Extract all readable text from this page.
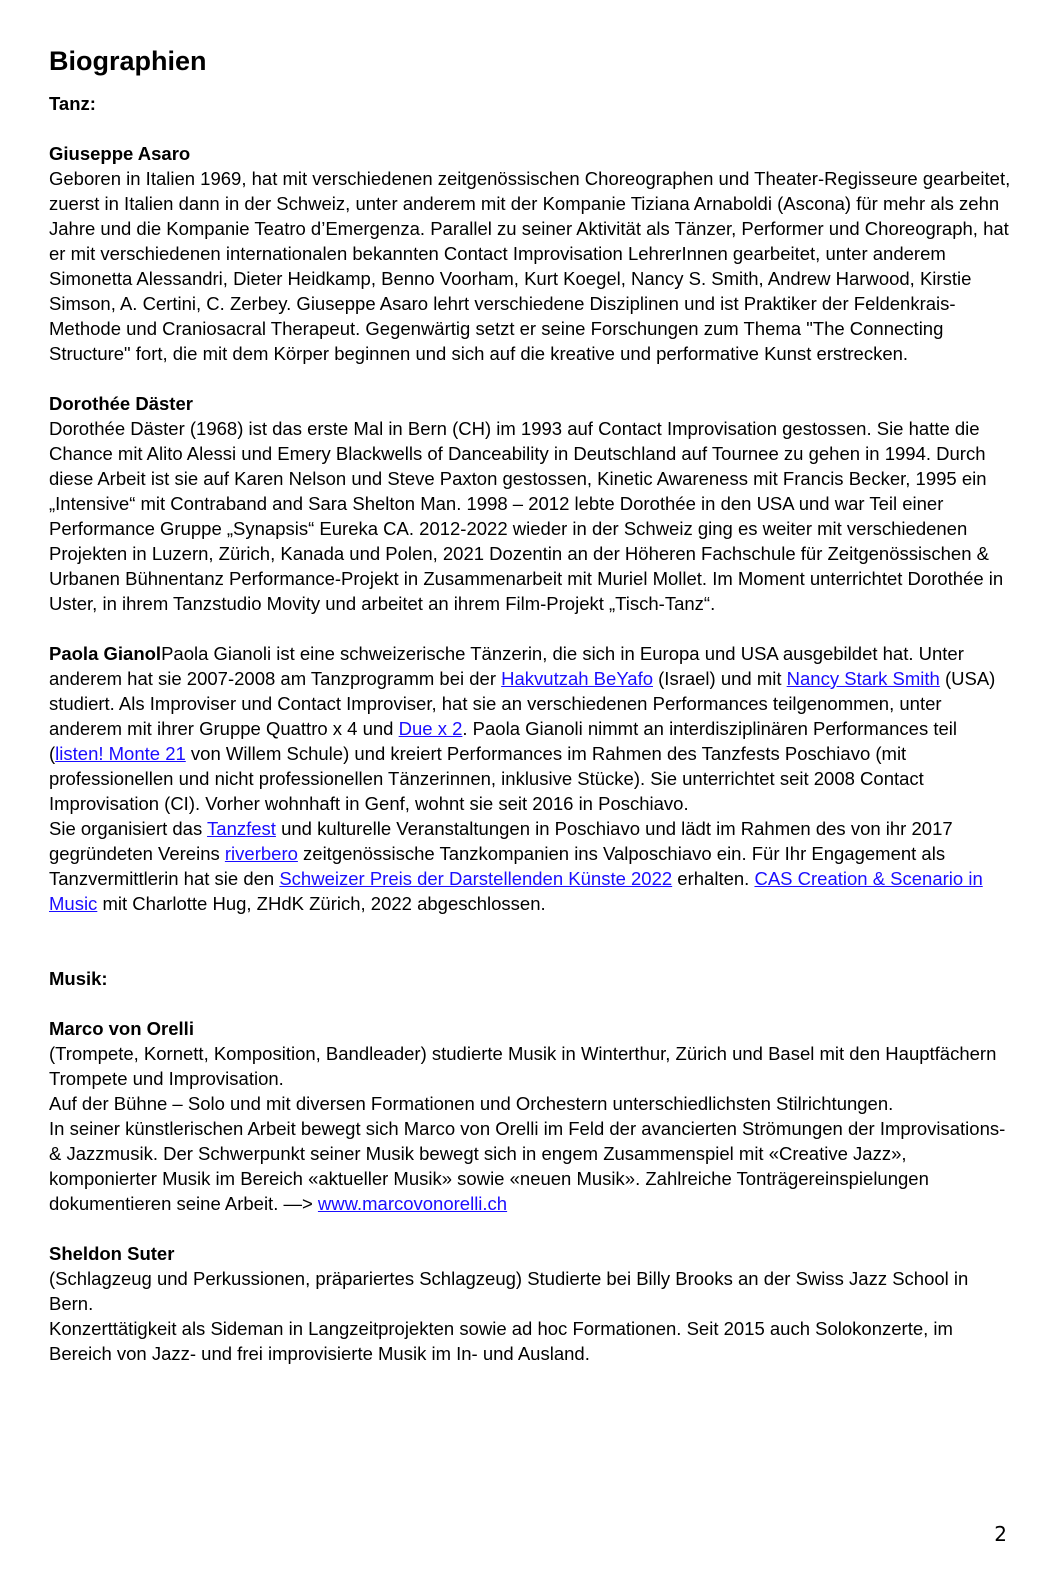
Biographien

Tanz:

Giuseppe Asaro

Geboren in Italien 1969, hat mit verschiedenen zeitgenössischen Choreographen und Theater-Regisseure gearbeitet, zuerst in Italien dann in der Schweiz, unter anderem mit der Kompanie Tiziana Arnaboldi (Ascona) für mehr als zehn Jahre und die Kompanie Teatro d’Emergenza. Parallel zu seiner Aktivität als Tänzer, Performer und Choreograph, hat er mit verschiedenen internationalen bekannten Contact Improvisation LehrerInnen gearbeitet, unter anderem Simonetta Alessandri, Dieter Heidkamp, Benno Voorham, Kurt Koegel, Nancy S. Smith, Andrew Harwood, Kirstie Simson, A. Certini, C. Zerbey. Giuseppe Asaro lehrt verschiedene Disziplinen und ist Praktiker der Feldenkrais-Methode und Craniosacral Therapeut. Gegenwärtig setzt er seine Forschungen zum Thema "The Connecting Structure" fort, die mit dem Körper beginnen und sich auf die kreative und performative Kunst erstrecken.

Dorothée Däster

Dorothée Däster (1968) ist das erste Mal in Bern (CH) im 1993 auf Contact Improvisation gestossen. Sie hatte die Chance mit Alito Alessi und Emery Blackwells of Danceability in Deutschland auf Tournee zu gehen in 1994. Durch diese Arbeit ist sie auf Karen Nelson und Steve Paxton gestossen, Kinetic Awareness mit Francis Becker, 1995 ein „Intensive“ mit Contraband and Sara Shelton Man. 1998 – 2012 lebte Dorothée in den USA und war Teil einer Performance Gruppe „Synapsis“ Eureka CA. 2012-2022 wieder in der Schweiz ging es weiter mit verschiedenen Projekten in Luzern, Zürich, Kanada und Polen, 2021 Dozentin an der Höheren Fachschule für Zeitgenössischen & Urbanen Bühnentanz Performance-Projekt in Zusammenarbeit mit Muriel Mollet. Im Moment unterrichtet Dorothée in Uster, in ihrem Tanzstudio Movity und arbeitet an ihrem Film-Projekt „Tisch-Tanz“.

Paola GianolPaola Gianoli ist eine schweizerische Tänzerin, die sich in Europa und USA ausgebildet hat. Unter anderem hat sie 2007-2008 am Tanzprogramm bei der Hakvutzah BeYafo (Israel) und mit Nancy Stark Smith (USA) studiert. Als Improviser und Contact Improviser, hat sie an verschiedenen Performances teilgenommen, unter anderem mit ihrer Gruppe Quattro x 4 und Due x 2. Paola Gianoli nimmt an interdisziplinären Performances teil (listen! Monte 21 von Willem Schule) und kreiert Performances im Rahmen des Tanzfests Poschiavo (mit professionellen und nicht professionellen Tänzerinnen, inklusive Stücke). Sie unterrichtet seit 2008 Contact Improvisation (CI). Vorher wohnhaft in Genf, wohnt sie seit 2016 in Poschiavo.

Sie organisiert das Tanzfest und kulturelle Veranstaltungen in Poschiavo und lädt im Rahmen des von ihr 2017 gegründeten Vereins riverbero zeitgenössische Tanzkompanien ins Valposchiavo ein. Für Ihr Engagement als Tanzvermittlerin hat sie den Schweizer Preis der Darstellenden Künste 2022 erhalten. CAS Creation & Scenario in Music mit Charlotte Hug, ZHdK Zürich, 2022 abgeschlossen.

Musik:

Marco von Orelli

(Trompete, Kornett, Komposition, Bandleader) studierte Musik in Winterthur, Zürich und Basel mit den Hauptfächern Trompete und Improvisation.

Auf der Bühne – Solo und mit diversen Formationen und Orchestern unterschiedlichsten Stilrichtungen.

In seiner künstlerischen Arbeit bewegt sich Marco von Orelli im Feld der avancierten Strömungen der Improvisations- & Jazzmusik. Der Schwerpunkt seiner Musik bewegt sich in engem Zusammenspiel mit «Creative Jazz», komponierter Musik im Bereich «aktueller Musik» sowie «neuen Musik». Zahlreiche Tonträgereinspielungen dokumentieren seine Arbeit. —> www.marcovonorelli.ch

Sheldon Suter

(Schlagzeug und Perkussionen, präpariertes Schlagzeug) Studierte bei Billy Brooks an der Swiss Jazz School in Bern.

Konzerttätigkeit als Sideman in Langzeitprojekten sowie ad hoc Formationen. Seit 2015 auch Solokonzerte, im Bereich von Jazz- und frei improvisierte Musik im In- und Ausland.

2
